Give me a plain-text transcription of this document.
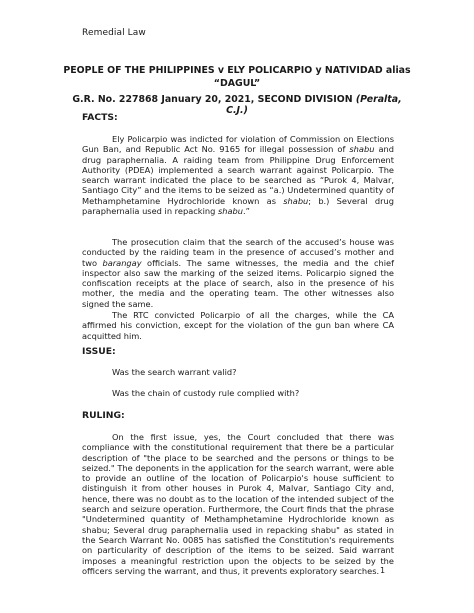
Remedial Law
PEOPLE OF THE PHILIPPINES v ELY POLICARPIO y NATIVIDAD alias “DAGUL”
G.R. No. 227868 January 20, 2021, SECOND DIVISION (Peralta, C.J.)
FACTS:
Ely Policarpio was indicted for violation of Commission on Elections Gun Ban, and Republic Act No. 9165 for illegal possession of shabu and drug paraphernalia. A raiding team from Philippine Drug Enforcement Authority (PDEA) implemented a search warrant against Policarpio. The search warrant indicated the place to be searched as “Purok 4, Malvar, Santiago City” and the items to be seized as “a.) Undetermined quantity of Methamphetamine Hydrochloride known as shabu; b.) Several drug paraphernalia used in repacking shabu.”
The prosecution claim that the search of the accused’s house was conducted by the raiding team in the presence of accused’s mother and two barangay officials. The same witnesses, the media and the chief inspector also saw the marking of the seized items. Policarpio signed the confiscation receipts at the place of search, also in the presence of his mother, the media and the operating team. The other witnesses also signed the same.
The RTC convicted Policarpio of all the charges, while the CA affirmed his conviction, except for the violation of the gun ban where CA acquitted him.
ISSUE:
Was the search warrant valid?
Was the chain of custody rule complied with?
RULING:
On the first issue, yes, the Court concluded that there was compliance with the constitutional requirement that there be a particular description of "the place to be searched and the persons or things to be seized." The deponents in the application for the search warrant, were able to provide an outline of the location of Policarpio's house sufficient to distinguish it from other houses in Purok 4, Malvar, Santiago City and, hence, there was no doubt as to the location of the intended subject of the search and seizure operation. Furthermore, the Court finds that the phrase "Undetermined quantity of Methamphetamine Hydrochloride known as shabu; Several drug paraphernalia used in repacking shabu" as stated in the Search Warrant No. 0085 has satisfied the Constitution's requirements on particularity of description of the items to be seized. Said warrant imposes a meaningful restriction upon the objects to be seized by the officers serving the warrant, and thus, it prevents exploratory searches. 1
